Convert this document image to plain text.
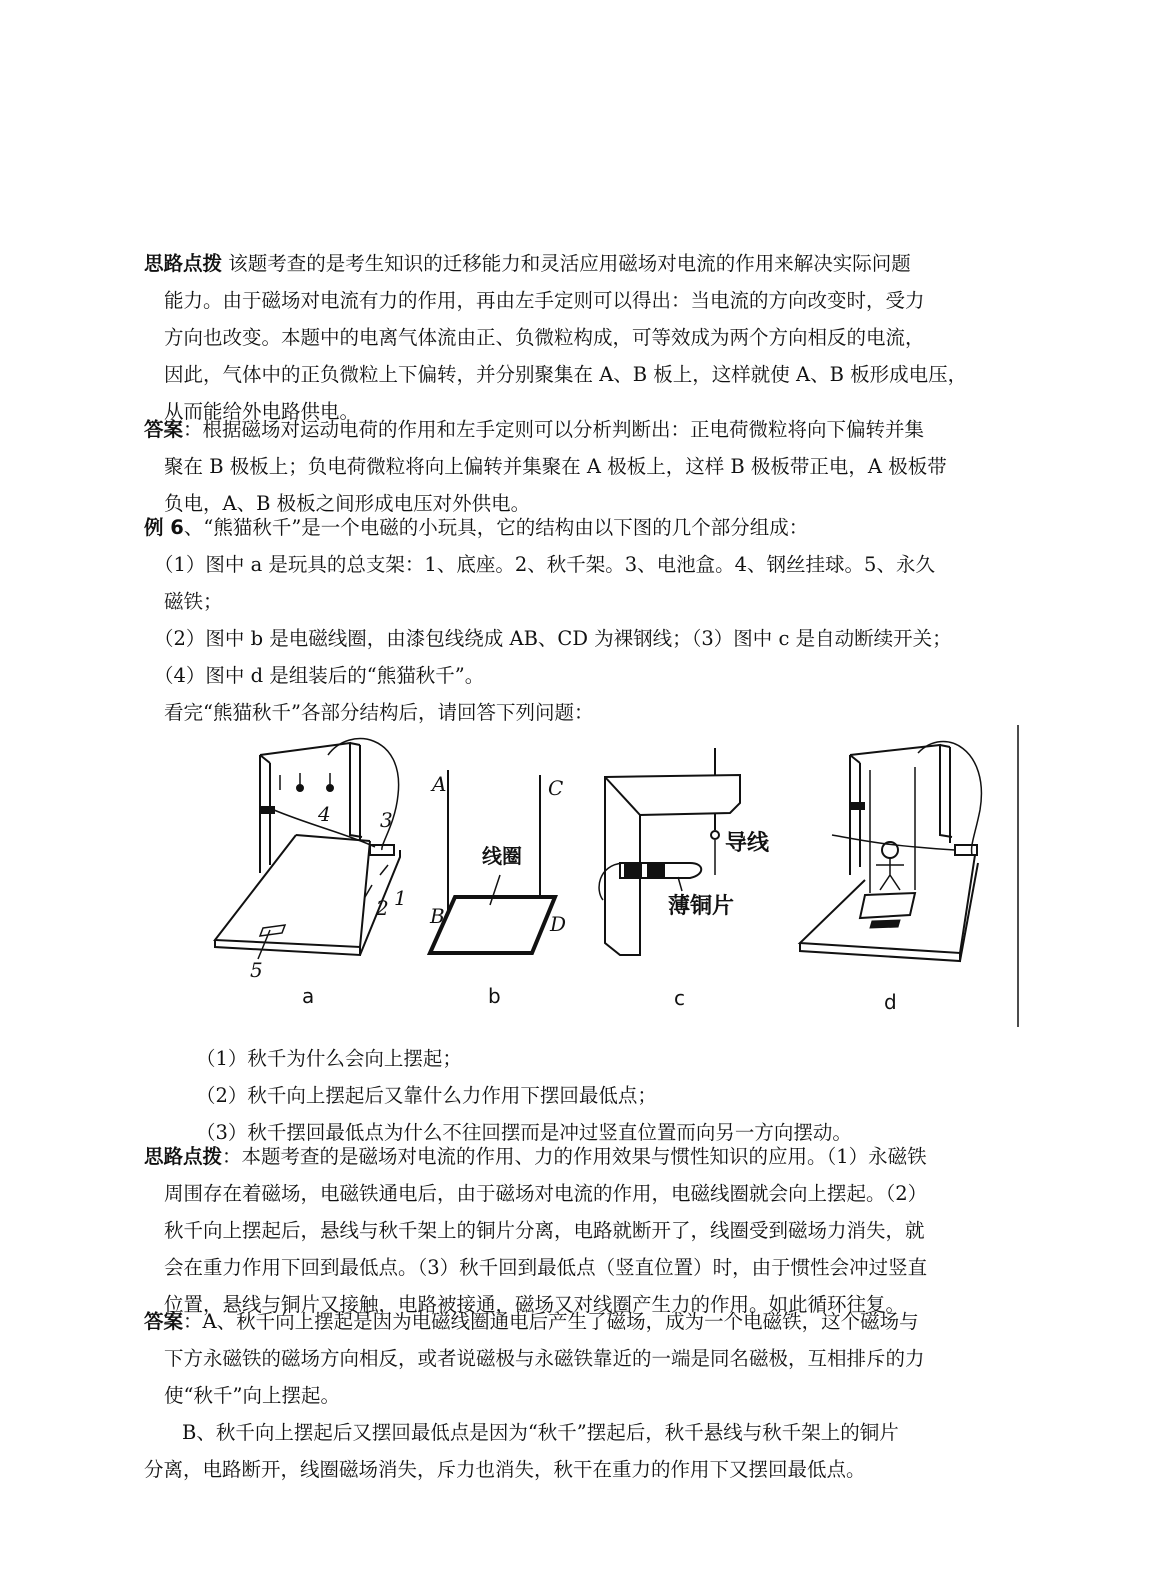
思路点拨 该题考查的是考生知识的迁移能力和灵活应用磁场对电流的作用来解决实际问题
能力。由于磁场对电流有力的作用，再由左手定则可以得出：当电流的方向改变时，受力
方向也改变。本题中的电离气体流由正、负微粒构成，可等效成为两个方向相反的电流，
因此，气体中的正负微粒上下偏转，并分别聚集在 A、B 板上，这样就使 A、B 板形成电压，
从而能给外电路供电。
答案：根据磁场对运动电荷的作用和左手定则可以分析判断出：正电荷微粒将向下偏转并集
聚在 B 极板上；负电荷微粒将向上偏转并集聚在 A 极板上，这样 B 极板带正电，A 极板带
负电，A、B 极板之间形成电压对外供电。
例 6、“熊猫秋千”是一个电磁的小玩具，它的结构由以下图的几个部分组成：
（1）图中 a 是玩具的总支架：1、底座。2、秋千架。3、电池盒。4、钢丝挂球。5、永久
磁铁；
（2）图中 b 是电磁线圈，由漆包线绕成 AB、CD 为裸钢线；（3）图中 c 是自动断续开关；
（4）图中 d 是组装后的“熊猫秋千”。
看完“熊猫秋千”各部分结构后，请回答下列问题：
4 3
2 1
5
a
A	C
B	D
线圈
b
导线
薄铜片
c	d
（1）秋千为什么会向上摆起；
（2）秋千向上摆起后又靠什么力作用下摆回最低点；
（3）秋千摆回最低点为什么不往回摆而是冲过竖直位置而向另一方向摆动。
思路点拨：本题考查的是磁场对电流的作用、力的作用效果与惯性知识的应用。（1）永磁铁
周围存在着磁场，电磁铁通电后，由于磁场对电流的作用，电磁线圈就会向上摆起。（2）
秋千向上摆起后，悬线与秋千架上的铜片分离，电路就断开了，线圈受到磁场力消失，就
会在重力作用下回到最低点。（3）秋千回到最低点（竖直位置）时，由于惯性会冲过竖直
位置，悬线与铜片又接触，电路被接通，磁场又对线圈产生力的作用。如此循环往复。
答案：A、秋千向上摆起是因为电磁线圈通电后产生了磁场，成为一个电磁铁，这个磁场与
下方永磁铁的磁场方向相反，或者说磁极与永磁铁靠近的一端是同名磁极，互相排斥的力
使“秋千”向上摆起。
B、秋千向上摆起后又摆回最低点是因为“秋千”摆起后，秋千悬线与秋千架上的铜片
分离，电路断开，线圈磁场消失，斥力也消失，秋干在重力的作用下又摆回最低点。
